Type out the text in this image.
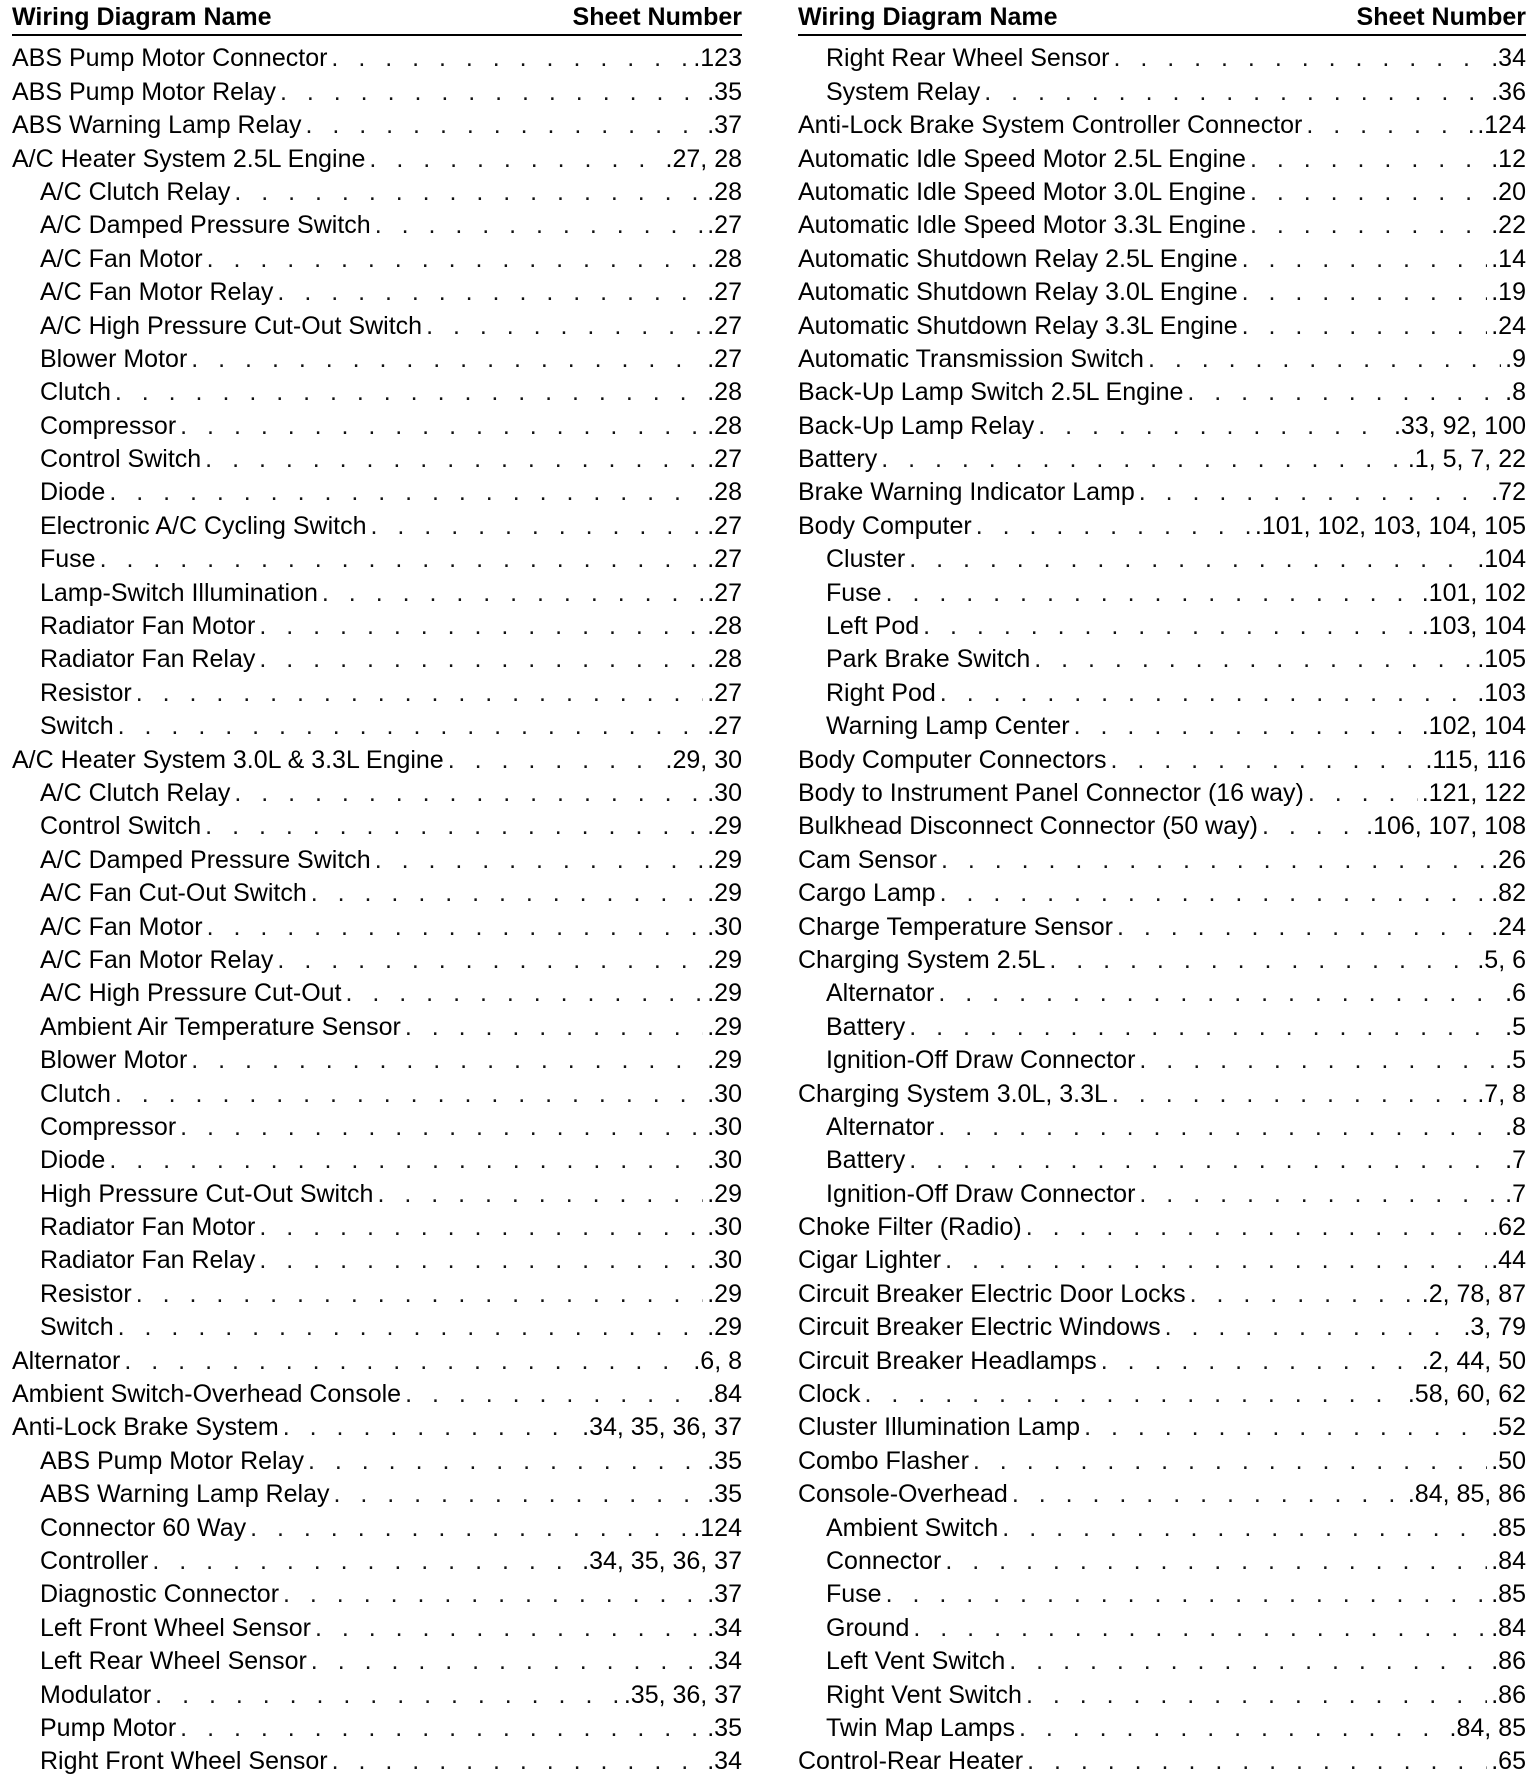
Wiring Diagram Name	Sheet Number
ABS Pump Motor Connector . . .	.123
ABS Pump Motor Relay . . .	.35
ABS Warning Lamp Relay . . .	.37
A/C Heater System 2.5L Engine . . .	.27, 28
A/C Clutch Relay . . .	.28
A/C Damped Pressure Switch . . .	.27
A/C Fan Motor . . .	.28
A/C Fan Motor Relay . . .	.27
A/C High Pressure Cut-Out Switch . . .	.27
Blower Motor . . .	.27
Clutch . . .	.28
Compressor . . .	.28
Control Switch . . .	.27
Diode . . .	.28
Electronic A/C Cycling Switch . . .	.27
Fuse . . .	.27
Lamp-Switch Illumination . . .	.27
Radiator Fan Motor . . .	.28
Radiator Fan Relay . . .	.28
Resistor . . .	.27
Switch . . .	.27
A/C Heater System 3.0L & 3.3L Engine . . .	.29, 30
A/C Clutch Relay . . .	.30
Control Switch . . .	.29
A/C Damped Pressure Switch . . .	.29
A/C Fan Cut-Out Switch . . .	.29
A/C Fan Motor . . .	.30
A/C Fan Motor Relay . . .	.29
A/C High Pressure Cut-Out . . .	.29
Ambient Air Temperature Sensor . . .	.29
Blower Motor . . .	.29
Clutch . . .	.30
Compressor . . .	.30
Diode . . .	.30
High Pressure Cut-Out Switch . . .	.29
Radiator Fan Motor . . .	.30
Radiator Fan Relay . . .	.30
Resistor . . .	.29
Switch . . .	.29
Alternator . . .	.6, 8
Ambient Switch-Overhead Console . . .	.84
Anti-Lock Brake System . . .	.34, 35, 36, 37
ABS Pump Motor Relay . . .	.35
ABS Warning Lamp Relay . . .	.35
Connector 60 Way . . .	.124
Controller . . .	.34, 35, 36, 37
Diagnostic Connector . . .	.37
Left Front Wheel Sensor . . .	.34
Left Rear Wheel Sensor . . .	.34
Modulator . . .	.35, 36, 37
Pump Motor . . .	.35
Right Front Wheel Sensor . . .	.34
Wiring Diagram Name	Sheet Number
Right Rear Wheel Sensor . . .	.34
System Relay . . .	.36
Anti-Lock Brake System Controller Connector . . .	.124
Automatic Idle Speed Motor 2.5L Engine . . .	.12
Automatic Idle Speed Motor 3.0L Engine . . .	.20
Automatic Idle Speed Motor 3.3L Engine . . .	.22
Automatic Shutdown Relay 2.5L Engine . . .	.14
Automatic Shutdown Relay 3.0L Engine . . .	.19
Automatic Shutdown Relay 3.3L Engine . . .	.24
Automatic Transmission Switch . . .	.9
Back-Up Lamp Switch 2.5L Engine . . .	.8
Back-Up Lamp Relay . . .	.33, 92, 100
Battery . . .	.1, 5, 7, 22
Brake Warning Indicator Lamp . . .	.72
Body Computer . . .	.101, 102, 103, 104, 105
Cluster . . .	.104
Fuse . . .	.101, 102
Left Pod . . .	.103, 104
Park Brake Switch . . .	.105
Right Pod . . .	.103
Warning Lamp Center . . .	.102, 104
Body Computer Connectors . . .	.115, 116
Body to Instrument Panel Connector (16 way) . . .	.121, 122
Bulkhead Disconnect Connector (50 way) . . .	.106, 107, 108
Cam Sensor . . .	.26
Cargo Lamp . . .	.82
Charge Temperature Sensor . . .	.24
Charging System 2.5L . . .	.5, 6
Alternator . . .	.6
Battery . . .	.5
Ignition-Off Draw Connector . . .	.5
Charging System 3.0L, 3.3L . . .	.7, 8
Alternator . . .	.8
Battery . . .	.7
Ignition-Off Draw Connector . . .	.7
Choke Filter (Radio) . . .	.62
Cigar Lighter . . .	.44
Circuit Breaker Electric Door Locks . . .	.2, 78, 87
Circuit Breaker Electric Windows . . .	.3, 79
Circuit Breaker Headlamps . . .	.2, 44, 50
Clock . . .	.58, 60, 62
Cluster Illumination Lamp . . .	.52
Combo Flasher . . .	.50
Console-Overhead . . .	.84, 85, 86
Ambient Switch . . .	.85
Connector . . .	.84
Fuse . . .	.85
Ground . . .	.84
Left Vent Switch . . .	.86
Right Vent Switch . . .	.86
Twin Map Lamps . . .	.84, 85
Control-Rear Heater . . .	.65
